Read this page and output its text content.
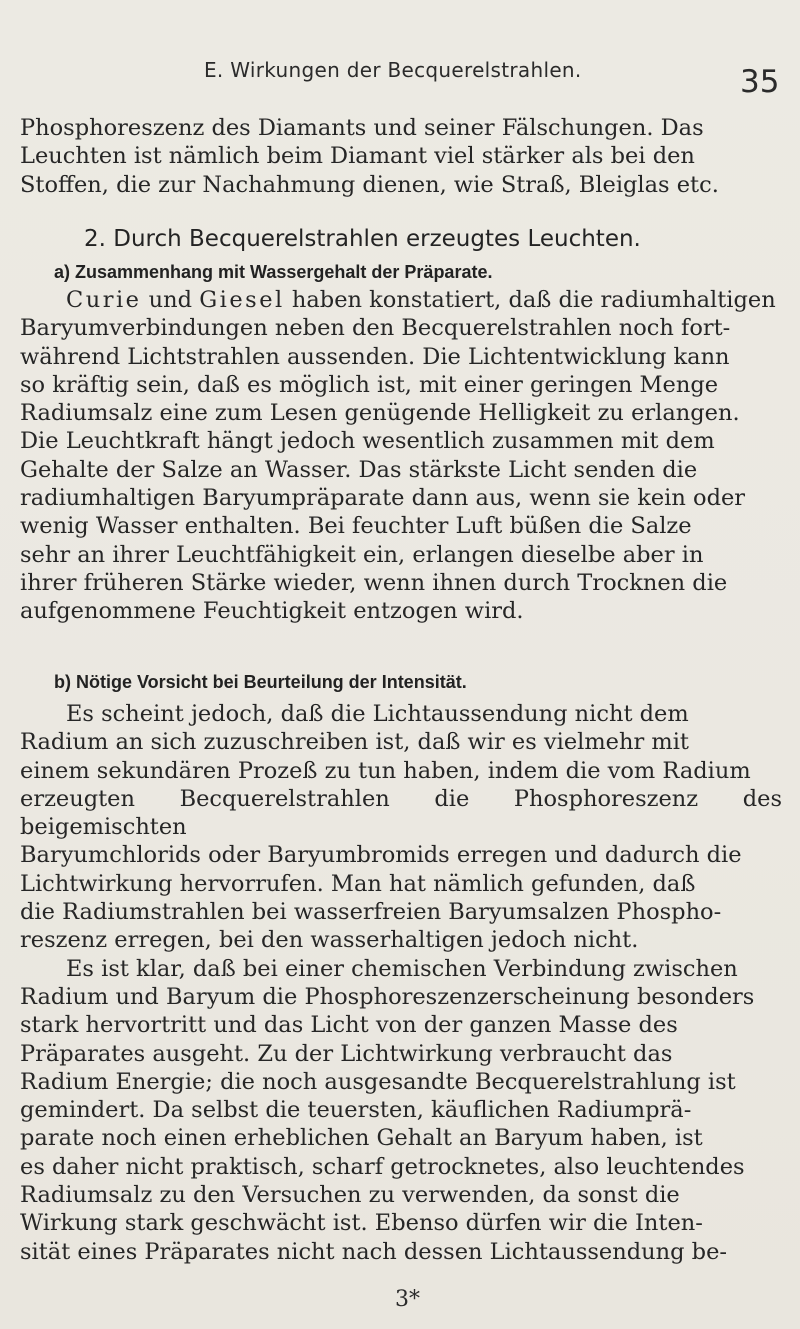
E. Wirkungen der Becquerelstrahlen.	35

Phosphoreszenz des Diamants und seiner Fälschungen. Das
Leuchten ist nämlich beim Diamant viel stärker als bei den
Stoffen, die zur Nachahmung dienen, wie Straß, Bleiglas etc.

2. Durch Becquerelstrahlen erzeugtes Leuchten.
a) Zusammenhang mit Wassergehalt der Präparate.

Curie und Giesel haben konstatiert, daß die radiumhaltigen
Baryumverbindungen neben den Becquerelstrahlen noch fort-
während Lichtstrahlen aussenden. Die Lichtentwicklung kann
so kräftig sein, daß es möglich ist, mit einer geringen Menge
Radiumsalz eine zum Lesen genügende Helligkeit zu erlangen.
Die Leuchtkraft hängt jedoch wesentlich zusammen mit dem
Gehalte der Salze an Wasser. Das stärkste Licht senden die
radiumhaltigen Baryumpräparate dann aus, wenn sie kein oder
wenig Wasser enthalten. Bei feuchter Luft büßen die Salze
sehr an ihrer Leuchtfähigkeit ein, erlangen dieselbe aber in
ihrer früheren Stärke wieder, wenn ihnen durch Trocknen die
aufgenommene Feuchtigkeit entzogen wird.

b) Nötige Vorsicht bei Beurteilung der Intensität.

Es scheint jedoch, daß die Lichtaussendung nicht dem
Radium an sich zuzuschreiben ist, daß wir es vielmehr mit
einem sekundären Prozeß zu tun haben, indem die vom Radium
erzeugten Becquerelstrahlen die Phosphoreszenz des beigemischten
Baryumchlorids oder Baryumbromids erregen und dadurch die
Lichtwirkung hervorrufen. Man hat nämlich gefunden, daß
die Radiumstrahlen bei wasserfreien Baryumsalzen Phospho-
reszenz erregen, bei den wasserhaltigen jedoch nicht.

Es ist klar, daß bei einer chemischen Verbindung zwischen
Radium und Baryum die Phosphoreszenzerscheinung besonders
stark hervortritt und das Licht von der ganzen Masse des
Präparates ausgeht. Zu der Lichtwirkung verbraucht das
Radium Energie; die noch ausgesandte Becquerelstrahlung ist
gemindert. Da selbst die teuersten, käuflichen Radiumprä-
parate noch einen erheblichen Gehalt an Baryum haben, ist
es daher nicht praktisch, scharf getrocknetes, also leuchtendes
Radiumsalz zu den Versuchen zu verwenden, da sonst die
Wirkung stark geschwächt ist. Ebenso dürfen wir die Inten-
sität eines Präparates nicht nach dessen Lichtaussendung be-

3*
